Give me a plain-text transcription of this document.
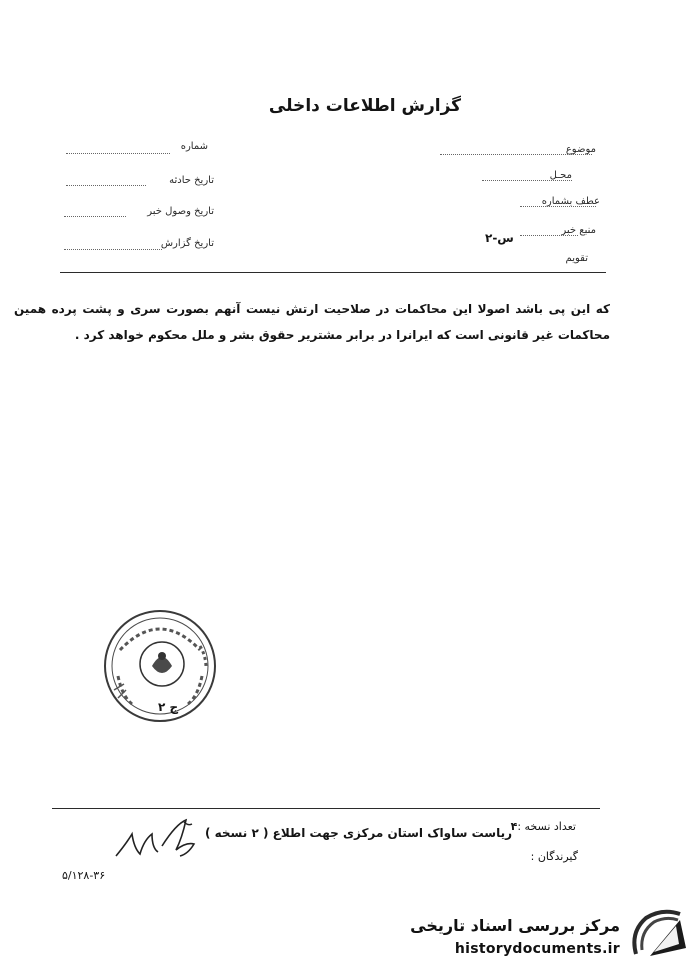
گزارش اطلاعات داخلی
موضوع
محـل
عطف بشماره
منبع خبر
س-۲
تقویم
شماره
تاریخ حادثه
تاریخ وصول خبر
تاریخ گزارش
که این پی باشد اصولا این محاکمات در صلاحیت ارتش نیست آنهم بصورت سری و پشت پرده همین محاکمات غیر قانونی است که ایرانرا در برابر مشتریر حقوق بشر و ملل محکوم خواهد کرد .
ج ۲
تعداد نسخه :۴
ریاست ساواک استان مرکزی جهت اطلاع ( ۲ نسخه )
گیرندگان :
۵/۱۲۸-۳۶
مرکز بررسی اسناد تاریخی
historydocuments.ir
